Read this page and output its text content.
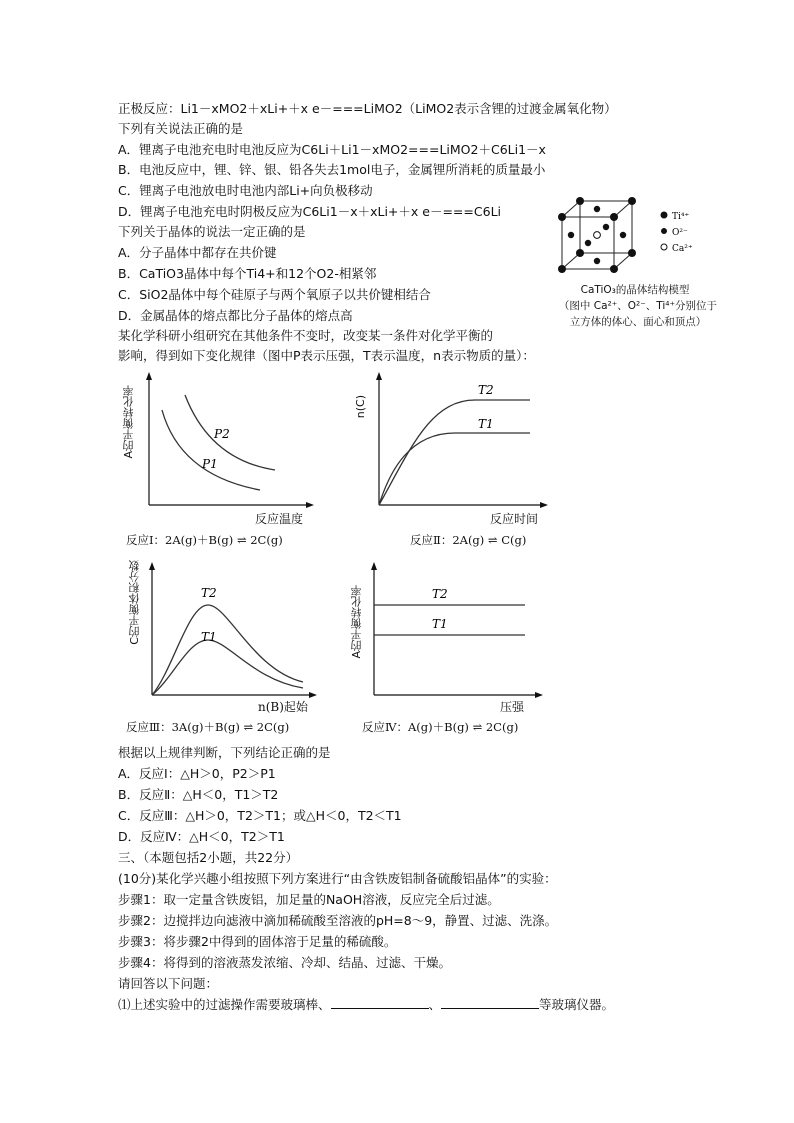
正极反应：Li1－xMO2＋xLi+＋x e－===LiMO2（LiMO2表示含锂的过渡金属氧化物）
下列有关说法正确的是
A．锂离子电池充电时电池反应为C6Li＋Li1－xMO2===LiMO2＋C6Li1－x
B．电池反应中，锂、锌、银、铅各失去1mol电子，金属锂所消耗的质量最小
C．锂离子电池放电时电池内部Li+向负极移动
D．锂离子电池充电时阴极反应为C6Li1－x＋xLi+＋x e－===C6Li
下列关于晶体的说法一定正确的是
A．分子晶体中都存在共价键
B．CaTiO3晶体中每个Ti4+和12个O2-相紧邻
C．SiO2晶体中每个硅原子与两个氧原子以共价键相结合
D．金属晶体的熔点都比分子晶体的熔点高
某化学科研小组研究在其他条件不变时，改变某一条件对化学平衡的
影响，得到如下变化规律（图中P表示压强，T表示温度，n表示物质的量）：
Ti⁴⁺
O²⁻
Ca²⁺
CaTiO₃的晶体结构模型
（图中 Ca²⁺、O²⁻、Ti⁴⁺分别位于
立方体的体心、面心和顶点）
A的平衡转化率	P2
P1
反应温度
反应Ⅰ：2A(g)＋B(g) ⇌ 2C(g)
n(C)
T2
T1
反应时间
反应Ⅱ：2A(g) ⇌ C(g)
C的平衡体积分数	T2
T1
n(B)起始
反应Ⅲ：3A(g)＋B(g) ⇌ 2C(g)
A的平衡转化率	T2
T1
压强
反应Ⅳ：A(g)＋B(g) ⇌ 2C(g)
根据以上规律判断，下列结论正确的是
A．反应Ⅰ：△H＞0，P2＞P1
B．反应Ⅱ：△H＜0，T1＞T2
C．反应Ⅲ：△H＞0，T2＞T1；或△H＜0，T2＜T1
D．反应Ⅳ：△H＜0，T2＞T1
三、（本题包括2小题，共22分）
(10分)某化学兴趣小组按照下列方案进行“由含铁废铝制备硫酸铝晶体”的实验：
步骤1：取一定量含铁废铝，加足量的NaOH溶液，反应完全后过滤。
步骤2：边搅拌边向滤液中滴加稀硫酸至溶液的pH=8～9，静置、过滤、洗涤。
步骤3：将步骤2中得到的固体溶于足量的稀硫酸。
步骤4：将得到的溶液蒸发浓缩、冷却、结晶、过滤、干燥。
请回答以下问题：
⑴上述实验中的过滤操作需要玻璃棒、	、	等玻璃仪器。
